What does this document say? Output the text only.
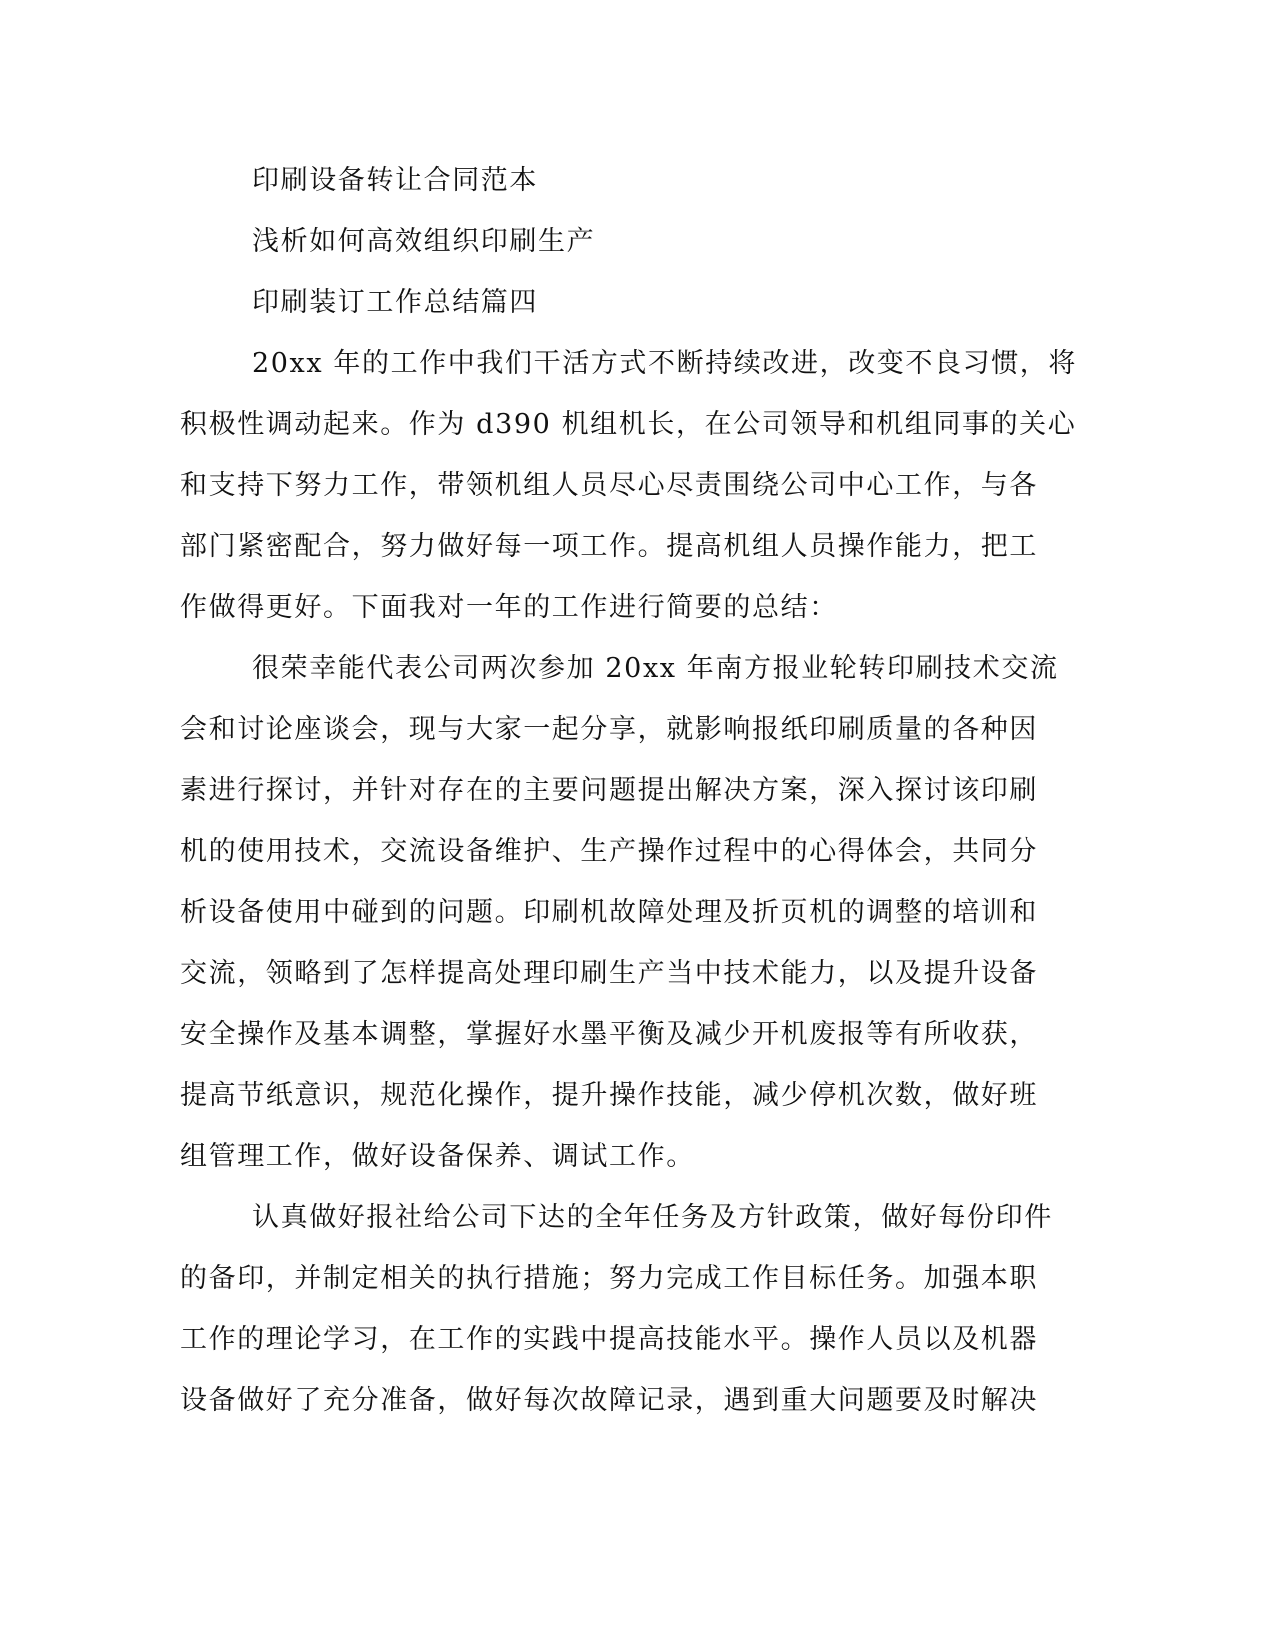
印刷设备转让合同范本
浅析如何高效组织印刷生产
印刷装订工作总结篇四
20xx 年的工作中我们干活方式不断持续改进，改变不良习惯，将
积极性调动起来。作为 d390 机组机长，在公司领导和机组同事的关心
和支持下努力工作，带领机组人员尽心尽责围绕公司中心工作，与各
部门紧密配合，努力做好每一项工作。提高机组人员操作能力，把工
作做得更好。下面我对一年的工作进行简要的总结：
很荣幸能代表公司两次参加 20xx 年南方报业轮转印刷技术交流
会和讨论座谈会，现与大家一起分享，就影响报纸印刷质量的各种因
素进行探讨，并针对存在的主要问题提出解决方案，深入探讨该印刷
机的使用技术，交流设备维护、生产操作过程中的心得体会，共同分
析设备使用中碰到的问题。印刷机故障处理及折页机的调整的培训和
交流，领略到了怎样提高处理印刷生产当中技术能力，以及提升设备
安全操作及基本调整，掌握好水墨平衡及减少开机废报等有所收获，
提高节纸意识，规范化操作，提升操作技能，减少停机次数，做好班
组管理工作，做好设备保养、调试工作。
认真做好报社给公司下达的全年任务及方针政策，做好每份印件
的备印，并制定相关的执行措施；努力完成工作目标任务。加强本职
工作的理论学习，在工作的实践中提高技能水平。操作人员以及机器
设备做好了充分准备，做好每次故障记录，遇到重大问题要及时解决
